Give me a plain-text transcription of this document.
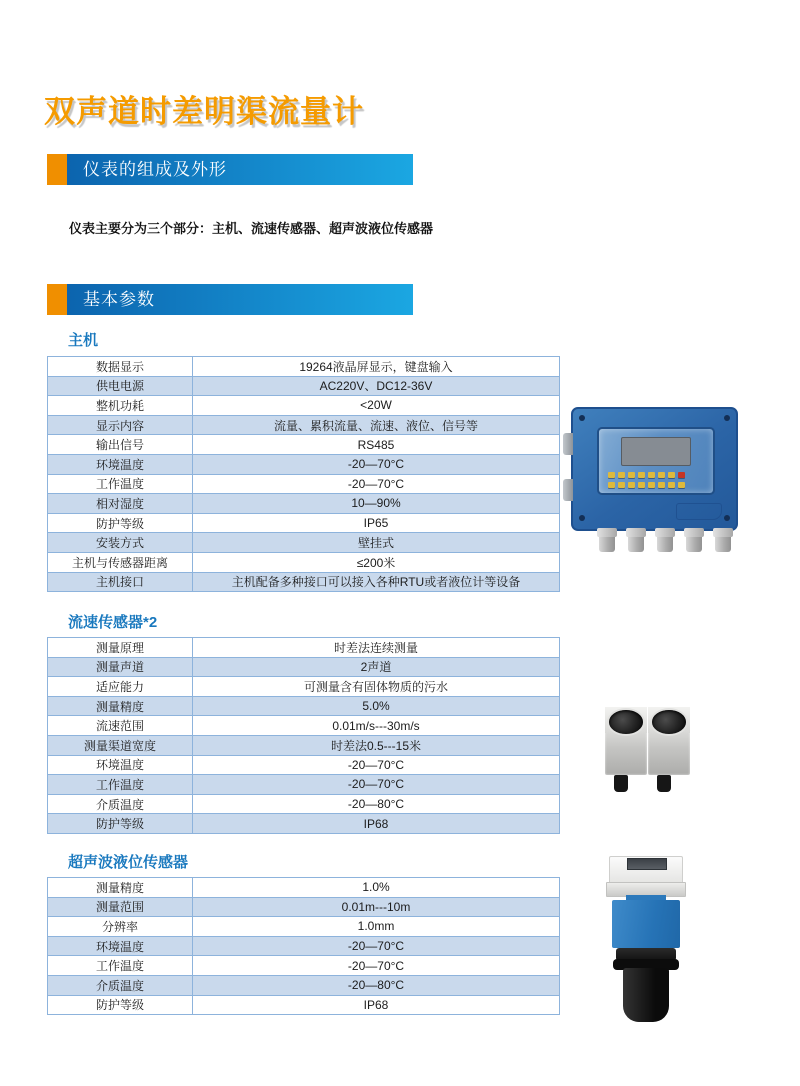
双声道时差明渠流量计
仪表的组成及外形

仪表主要分为三个部分：主机、流速传感器、超声波液位传感器

基本参数
主机
数据显示	19264液晶屏显示，键盘输入
供电电源	AC220V、DC12-36V
整机功耗	<20W
显示内容	流量、累积流量、流速、液位、信号等
输出信号	RS485
环境温度	-20—70°C
工作温度	-20—70°C
相对湿度	10—90%
防护等级	IP65
安装方式	壁挂式
主机与传感器距离	≤200米
主机接口	主机配备多种接口可以接入各种RTU或者液位计等设备
流速传感器*2
测量原理	时差法连续测量
测量声道	2声道
适应能力	可测量含有固体物质的污水
测量精度	5.0%
流速范围	0.01m/s---30m/s
测量渠道宽度	时差法0.5---15米
环境温度	-20—70°C
工作温度	-20—70°C
介质温度	-20—80°C
防护等级	IP68
超声波液位传感器
测量精度	1.0%
测量范围	0.01m---10m
分辨率	1.0mm
环境温度	-20—70°C
工作温度	-20—70°C
介质温度	-20—80°C
防护等级	IP68
